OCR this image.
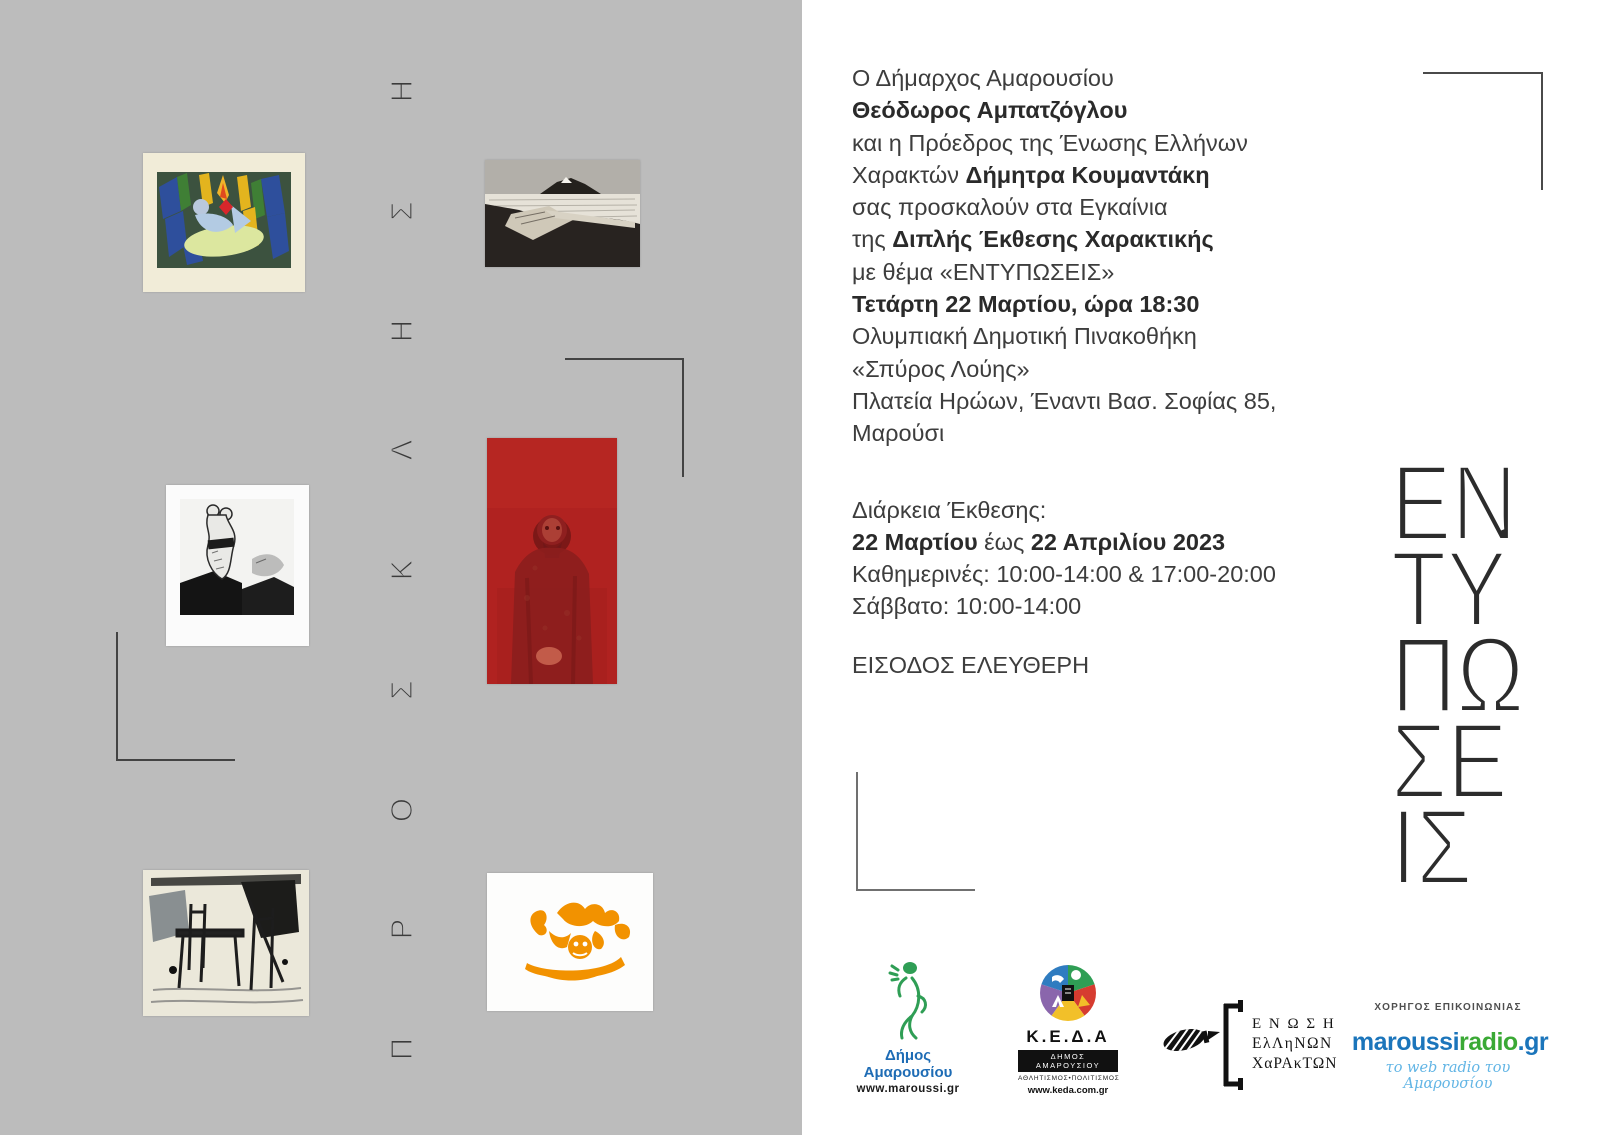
Η
Σ
Η
Λ
Κ
Σ
Ο
Ρ
Π
Ο Δήμαρχος Αμαρουσίου
Θεόδωρος Αμπατζόγλου
και η Πρόεδρος της Ένωσης Ελλήνων
Χαρακτών Δήμητρα Κουμαντάκη
σας προσκαλούν στα Εγκαίνια
της Διπλής Έκθεσης Χαρακτικής
με θέμα «ΕΝΤΥΠΩΣΕΙΣ»
Τετάρτη 22 Μαρτίου, ώρα 18:30
Ολυμπιακή Δημοτική Πινακοθήκη
«Σπύρος Λούης»
Πλατεία Ηρώων, Έναντι Βασ. Σοφίας 85,
Μαρούσι
Διάρκεια Έκθεσης:
22 Μαρτίου έως 22 Απριλίου 2023
Καθημερινές: 10:00-14:00 & 17:00-20:00
Σάββατο: 10:00-14:00
ΕΙΣΟΔΟΣ ΕΛΕΥΘΕΡΗ
ΕΝ
ΤΥ
ΠΩ
ΣΕ
ΙΣ
Δήμος Αμαρουσίου
www.maroussi.gr
Κ.Ε.Δ.Α
ΔΗΜΟΣ ΑΜΑΡΟΥΣΙΟΥ
ΑΘΛΗΤΙΣΜΟΣ•ΠΟΛΙΤΙΣΜΟΣ
www.keda.com.gr
Ε Ν Ω Σ Η
ΕλΛηΝΩΝ
ΧαΡΑκΤΩΝ
ΧΟΡΗΓΟΣ ΕΠΙΚΟΙΝΩΝΙΑΣ
maroussiradio.gr
το web radio του Αμαρουσίου
